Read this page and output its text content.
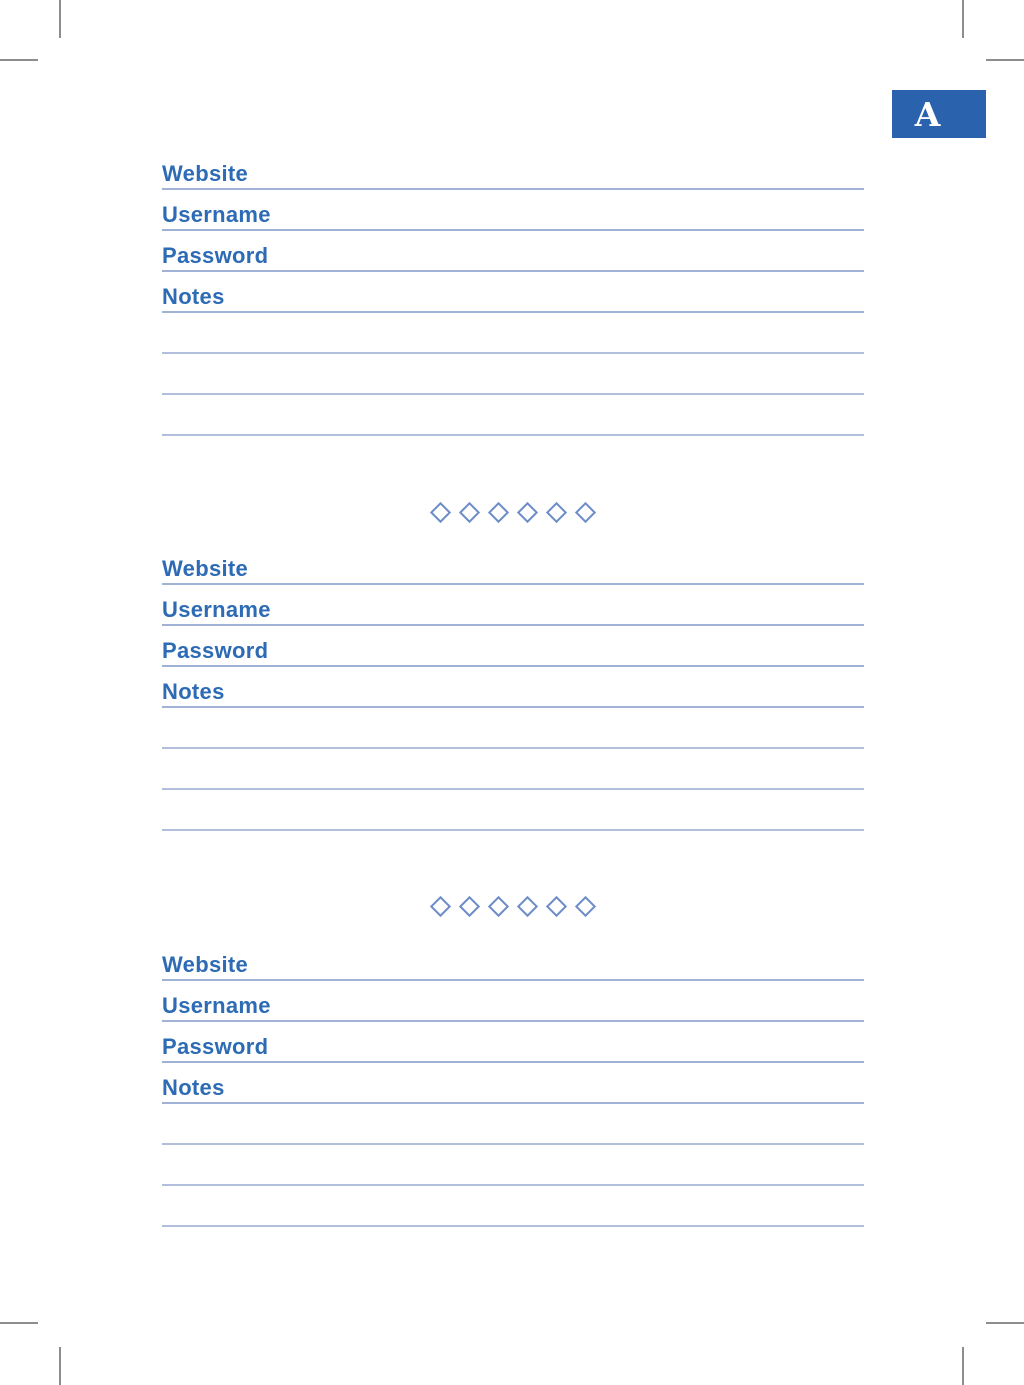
A
Website
Username
Password
Notes
Website
Username
Password
Notes
Website
Username
Password
Notes
